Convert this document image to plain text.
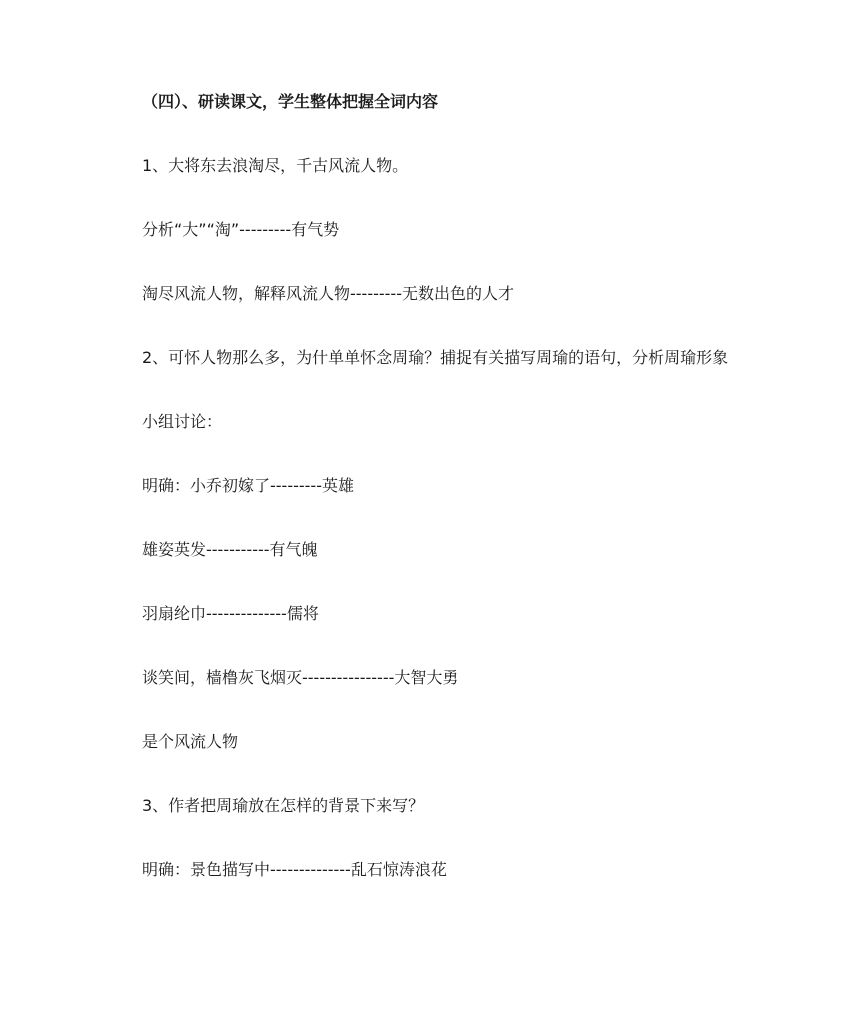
（四）、研读课文，学生整体把握全词内容
1、大将东去浪淘尽，千古风流人物。
分析“大”“淘”---------有气势
淘尽风流人物，解释风流人物---------无数出色的人才
2、可怀人物那么多，为什单单怀念周瑜？捕捉有关描写周瑜的语句，分析周瑜形象
小组讨论：
明确：小乔初嫁了---------英雄
雄姿英发-----------有气魄
羽扇纶巾--------------儒将
谈笑间，樯橹灰飞烟灭----------------大智大勇
是个风流人物
3、作者把周瑜放在怎样的背景下来写？
明确：景色描写中--------------乱石惊涛浪花
